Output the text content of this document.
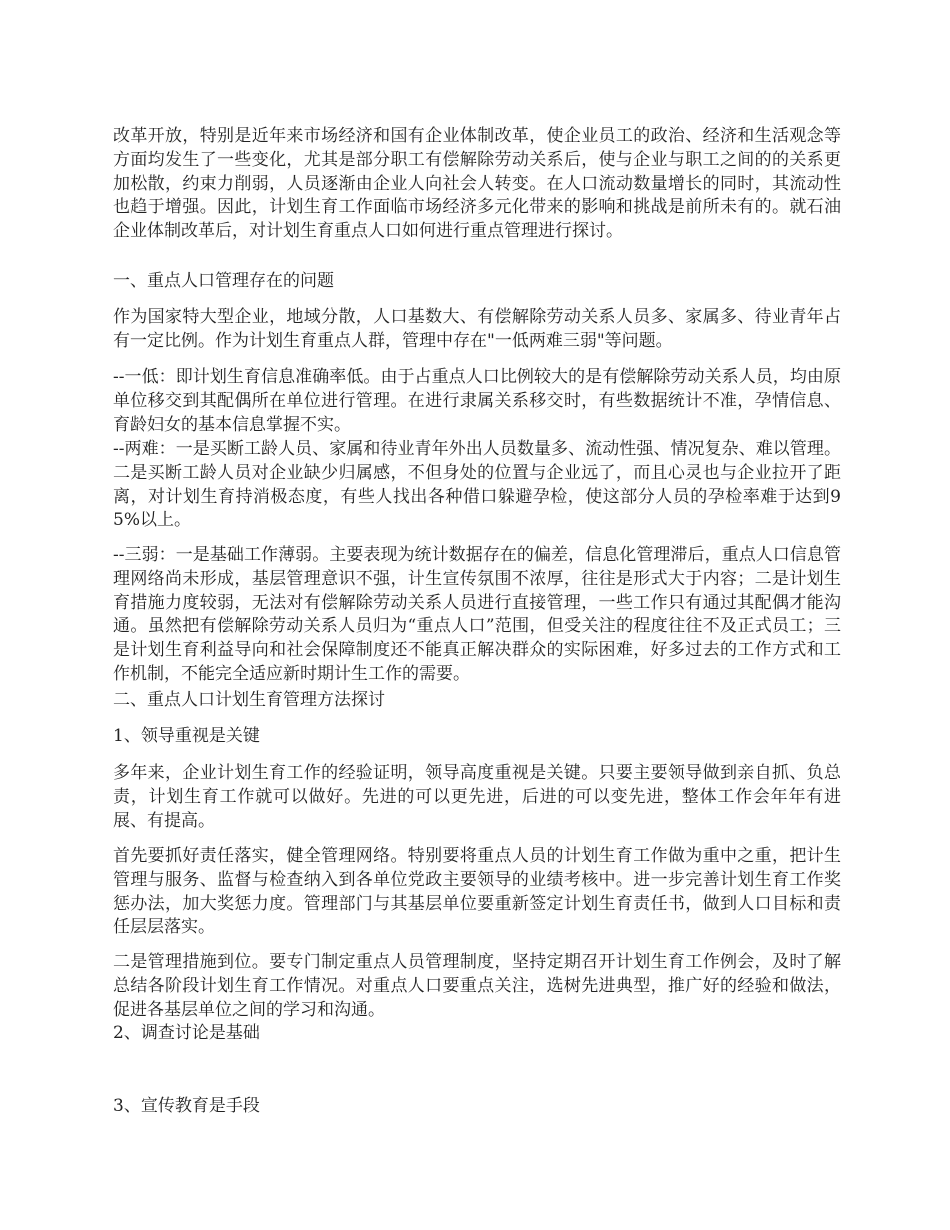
改革开放，特别是近年来市场经济和国有企业体制改革，使企业员工的政治、经济和生活观念等方面均发生了一些变化，尤其是部分职工有偿解除劳动关系后，使与企业与职工之间的的关系更加松散，约束力削弱，人员逐渐由企业人向社会人转变。在人口流动数量增长的同时，其流动性也趋于增强。因此，计划生育工作面临市场经济多元化带来的影响和挑战是前所未有的。就石油企业体制改革后，对计划生育重点人口如何进行重点管理进行探讨。

一、重点人口管理存在的问题

作为国家特大型企业，地域分散，人口基数大、有偿解除劳动关系人员多、家属多、待业青年占有一定比例。作为计划生育重点人群，管理中存在"一低两难三弱"等问题。

--一低：即计划生育信息准确率低。由于占重点人口比例较大的是有偿解除劳动关系人员，均由原单位移交到其配偶所在单位进行管理。在进行隶属关系移交时，有些数据统计不准，孕情信息、育龄妇女的基本信息掌握不实。

--两难：一是买断工龄人员、家属和待业青年外出人员数量多、流动性强、情况复杂、难以管理。二是买断工龄人员对企业缺少归属感，不但身处的位置与企业远了，而且心灵也与企业拉开了距离，对计划生育持消极态度，有些人找出各种借口躲避孕检，使这部分人员的孕检率难于达到95%以上。

--三弱：一是基础工作薄弱。主要表现为统计数据存在的偏差，信息化管理滞后，重点人口信息管理网络尚未形成，基层管理意识不强，计生宣传氛围不浓厚，往往是形式大于内容；二是计划生育措施力度较弱，无法对有偿解除劳动关系人员进行直接管理，一些工作只有通过其配偶才能沟通。虽然把有偿解除劳动关系人员归为“重点人口”范围，但受关注的程度往往不及正式员工；三是计划生育利益导向和社会保障制度还不能真正解决群众的实际困难，好多过去的工作方式和工作机制，不能完全适应新时期计生工作的需要。

二、重点人口计划生育管理方法探讨

1、领导重视是关键

多年来，企业计划生育工作的经验证明，领导高度重视是关键。只要主要领导做到亲自抓、负总责，计划生育工作就可以做好。先进的可以更先进，后进的可以变先进，整体工作会年年有进展、有提高。

首先要抓好责任落实，健全管理网络。特别要将重点人员的计划生育工作做为重中之重，把计生管理与服务、监督与检查纳入到各单位党政主要领导的业绩考核中。进一步完善计划生育工作奖惩办法，加大奖惩力度。管理部门与其基层单位要重新签定计划生育责任书，做到人口目标和责任层层落实。

二是管理措施到位。要专门制定重点人员管理制度，坚持定期召开计划生育工作例会，及时了解总结各阶段计划生育工作情况。对重点人口要重点关注，选树先进典型，推广好的经验和做法，促进各基层单位之间的学习和沟通。

2、调查讨论是基础

3、宣传教育是手段
